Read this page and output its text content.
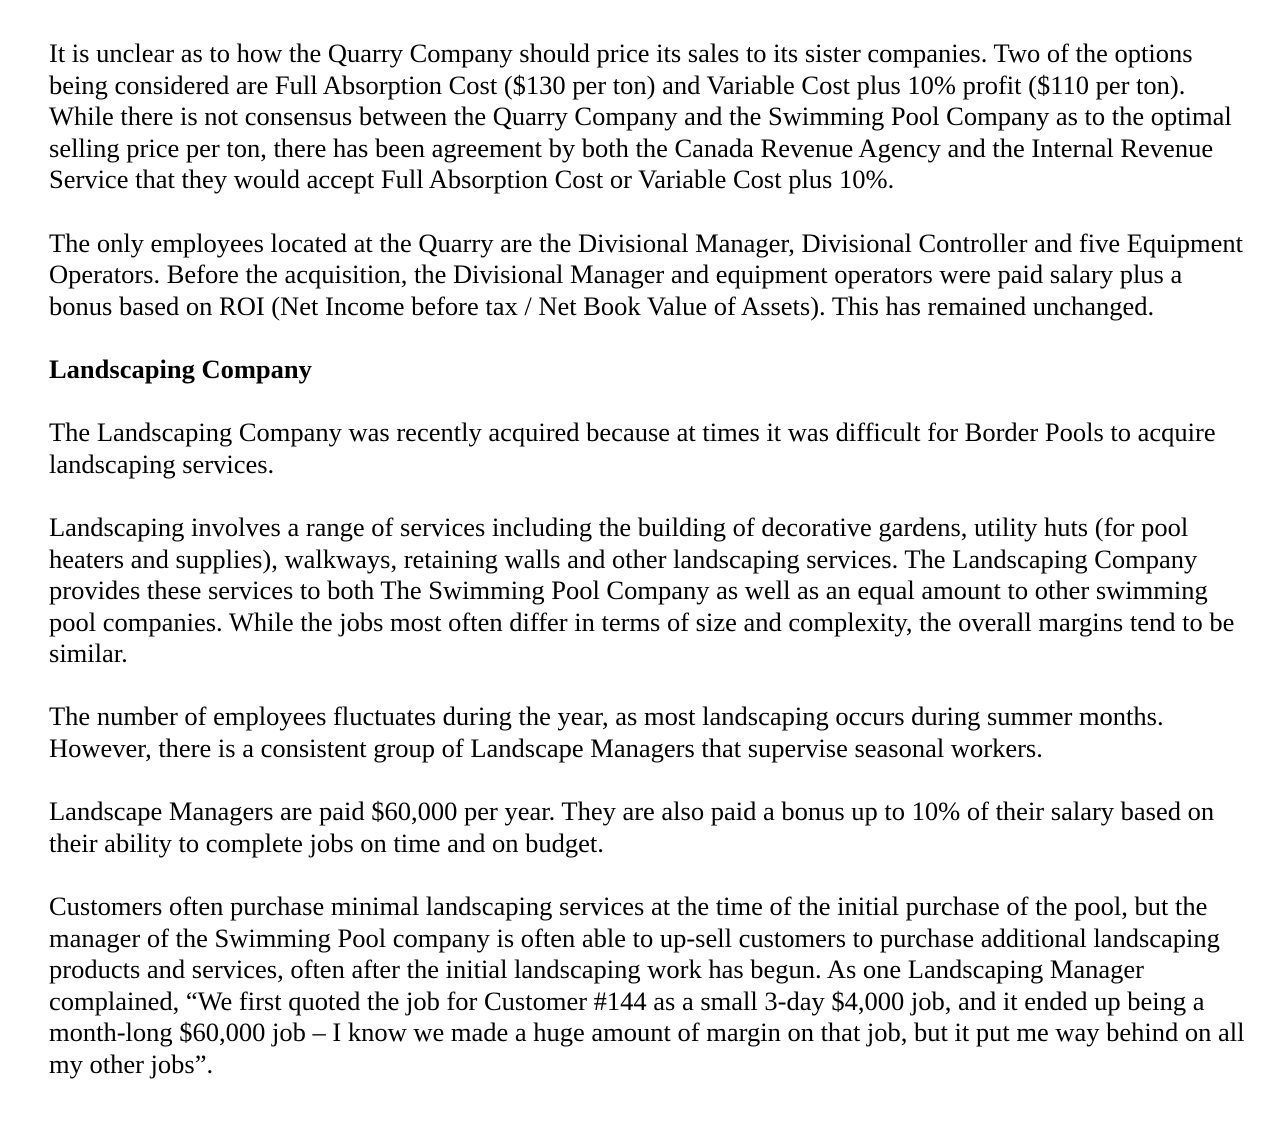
It is unclear as to how the Quarry Company should price its sales to its sister companies. Two of the options being considered are Full Absorption Cost ($130 per ton) and Variable Cost plus 10% profit ($110 per ton). While there is not consensus between the Quarry Company and the Swimming Pool Company as to the optimal selling price per ton, there has been agreement by both the Canada Revenue Agency and the Internal Revenue Service that they would accept Full Absorption Cost or Variable Cost plus 10%.

The only employees located at the Quarry are the Divisional Manager, Divisional Controller and five Equipment Operators. Before the acquisition, the Divisional Manager and equipment operators were paid salary plus a bonus based on ROI (Net Income before tax / Net Book Value of Assets). This has remained unchanged.

Landscaping Company

The Landscaping Company was recently acquired because at times it was difficult for Border Pools to acquire landscaping services.

Landscaping involves a range of services including the building of decorative gardens, utility huts (for pool heaters and supplies), walkways, retaining walls and other landscaping services. The Landscaping Company provides these services to both The Swimming Pool Company as well as an equal amount to other swimming pool companies. While the jobs most often differ in terms of size and complexity, the overall margins tend to be similar.

The number of employees fluctuates during the year, as most landscaping occurs during summer months. However, there is a consistent group of Landscape Managers that supervise seasonal workers.

Landscape Managers are paid $60,000 per year. They are also paid a bonus up to 10% of their salary based on their ability to complete jobs on time and on budget.

Customers often purchase minimal landscaping services at the time of the initial purchase of the pool, but the manager of the Swimming Pool company is often able to up-sell customers to purchase additional landscaping products and services, often after the initial landscaping work has begun. As one Landscaping Manager complained, “We first quoted the job for Customer #144 as a small 3-day $4,000 job, and it ended up being a month-long $60,000 job – I know we made a huge amount of margin on that job, but it put me way behind on all my other jobs”.
